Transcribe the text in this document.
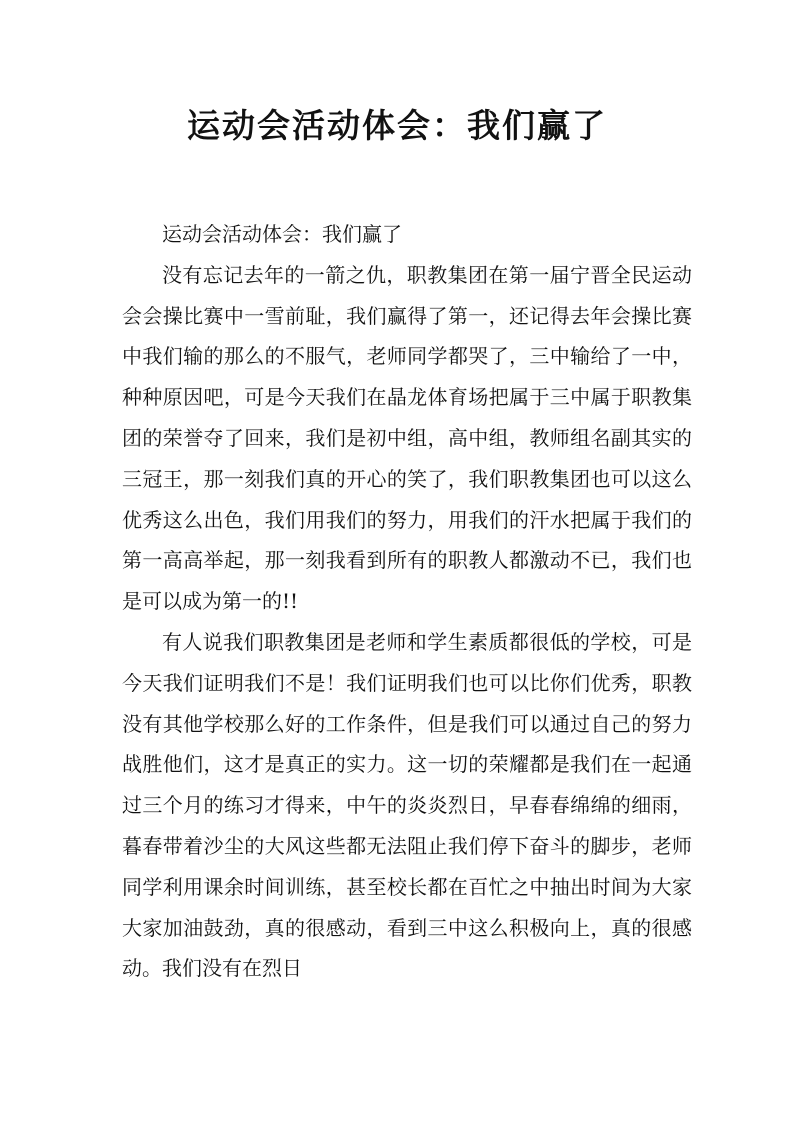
运动会活动体会：我们赢了

运动会活动体会：我们赢了

没有忘记去年的一箭之仇，职教集团在第一届宁晋全民运动会会操比赛中一雪前耻，我们赢得了第一，还记得去年会操比赛中我们输的那么的不服气，老师同学都哭了，三中输给了一中，种种原因吧，可是今天我们在晶龙体育场把属于三中属于职教集团的荣誉夺了回来，我们是初中组，高中组，教师组名副其实的三冠王，那一刻我们真的开心的笑了，我们职教集团也可以这么优秀这么出色，我们用我们的努力，用我们的汗水把属于我们的第一高高举起，那一刻我看到所有的职教人都激动不已，我们也是可以成为第一的!!

有人说我们职教集团是老师和学生素质都很低的学校，可是今天我们证明我们不是！我们证明我们也可以比你们优秀，职教没有其他学校那么好的工作条件，但是我们可以通过自己的努力战胜他们，这才是真正的实力。这一切的荣耀都是我们在一起通过三个月的练习才得来，中午的炎炎烈日，早春春绵绵的细雨，暮春带着沙尘的大风这些都无法阻止我们停下奋斗的脚步，老师同学利用课余时间训练，甚至校长都在百忙之中抽出时间为大家大家加油鼓劲，真的很感动，看到三中这么积极向上，真的很感动。我们没有在烈日
